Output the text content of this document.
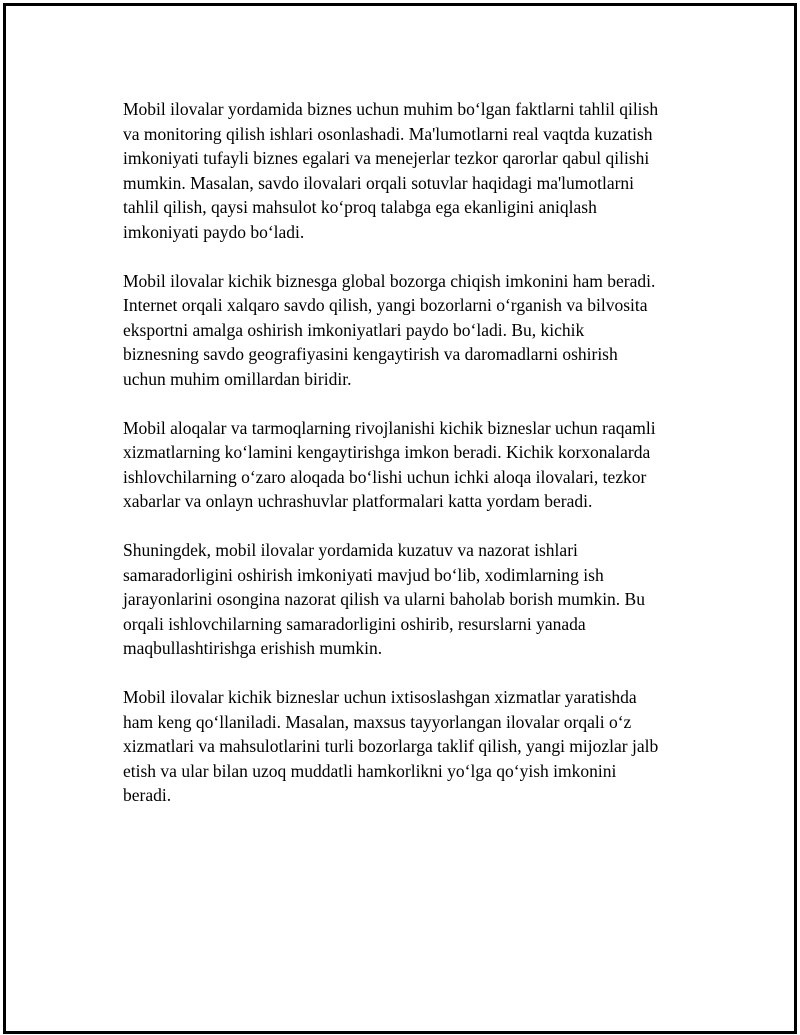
Mobil ilovalar yordamida biznes uchun muhim bo‘lgan faktlarni tahlil qilish
va monitoring qilish ishlari osonlashadi. Ma'lumotlarni real vaqtda kuzatish
imkoniyati tufayli biznes egalari va menejerlar tezkor qarorlar qabul qilishi
mumkin. Masalan, savdo ilovalari orqali sotuvlar haqidagi ma'lumotlarni
tahlil qilish, qaysi mahsulot ko‘proq talabga ega ekanligini aniqlash
imkoniyati paydo bo‘ladi.

Mobil ilovalar kichik biznesga global bozorga chiqish imkonini ham beradi.
Internet orqali xalqaro savdo qilish, yangi bozorlarni o‘rganish va bilvosita
eksportni amalga oshirish imkoniyatlari paydo bo‘ladi. Bu, kichik
biznesning savdo geografiyasini kengaytirish va daromadlarni oshirish
uchun muhim omillardan biridir.

Mobil aloqalar va tarmoqlarning rivojlanishi kichik bizneslar uchun raqamli
xizmatlarning ko‘lamini kengaytirishga imkon beradi. Kichik korxonalarda
ishlovchilarning o‘zaro aloqada bo‘lishi uchun ichki aloqa ilovalari, tezkor
xabarlar va onlayn uchrashuvlar platformalari katta yordam beradi.

Shuningdek, mobil ilovalar yordamida kuzatuv va nazorat ishlari
samaradorligini oshirish imkoniyati mavjud bo‘lib, xodimlarning ish
jarayonlarini osongina nazorat qilish va ularni baholab borish mumkin. Bu
orqali ishlovchilarning samaradorligini oshirib, resurslarni yanada
maqbullashtirishga erishish mumkin.

Mobil ilovalar kichik bizneslar uchun ixtisoslashgan xizmatlar yaratishda
ham keng qo‘llaniladi. Masalan, maxsus tayyorlangan ilovalar orqali o‘z
xizmatlari va mahsulotlarini turli bozorlarga taklif qilish, yangi mijozlar jalb
etish va ular bilan uzoq muddatli hamkorlikni yo‘lga qo‘yish imkonini
beradi.
